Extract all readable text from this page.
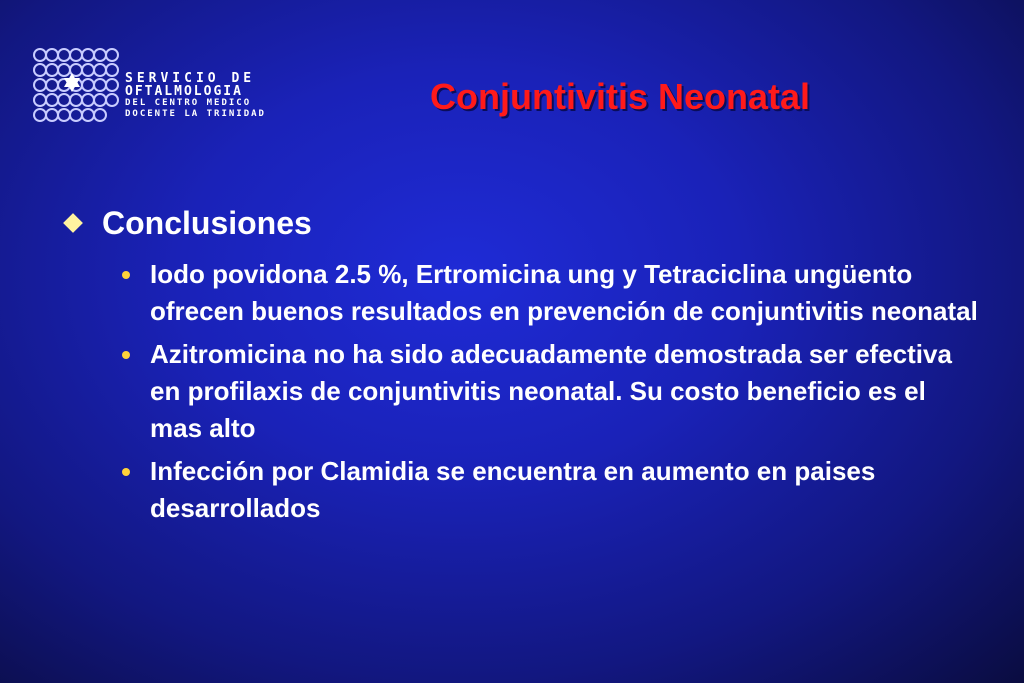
SERVICIO DE
OFTALMOLOGIA
DEL CENTRO MEDICO
DOCENTE LA TRINIDAD	Conjuntivitis Neonatal
Conclusiones
Iodo povidona 2.5 %, Ertromicina ung y Tetraciclina ungüento ofrecen buenos resultados en prevención de conjuntivitis neonatal
Azitromicina no ha sido adecuadamente demostrada ser efectiva en profilaxis de conjuntivitis neonatal. Su costo beneficio es el mas alto
Infección por Clamidia se encuentra en aumento en paises desarrollados
